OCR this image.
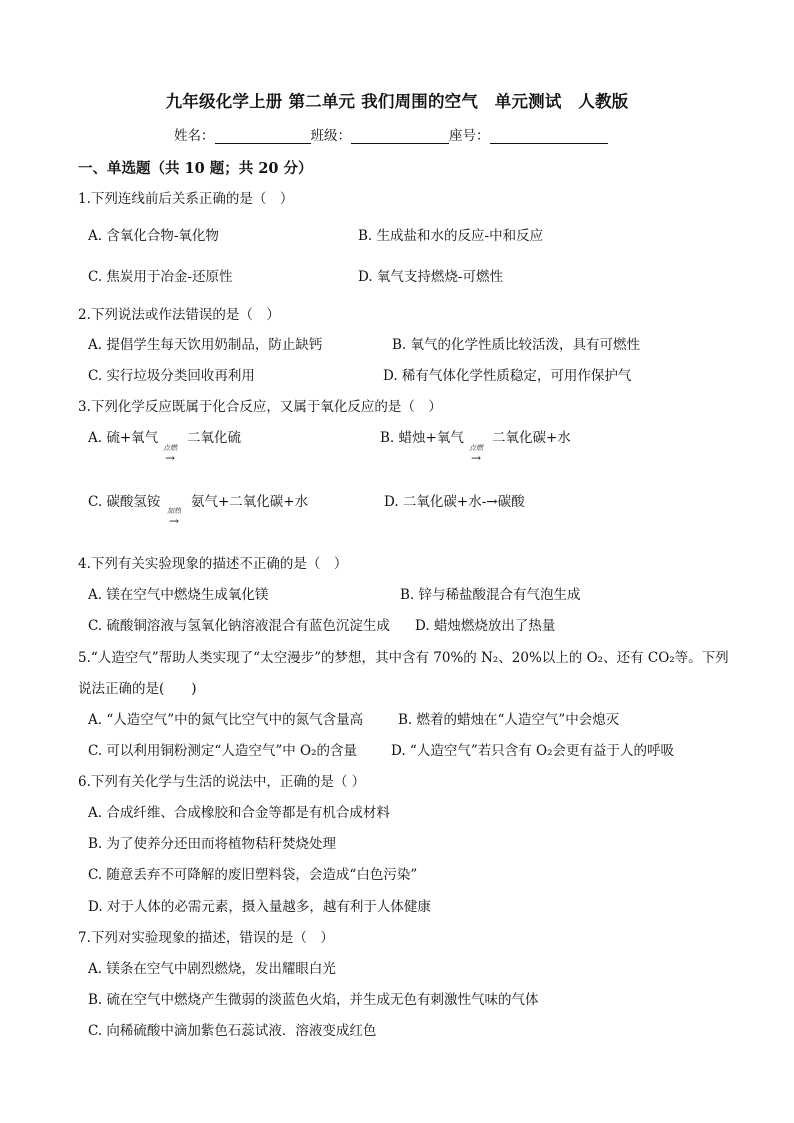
九年级化学上册 第二单元 我们周围的空气　单元测试　人教版
姓名：	班级：	座号：
一、单选题（共 10 题；共 20 分）
1.下列连线前后关系正确的是（　）
A. 含氧化合物-氧化物	B. 生成盐和水的反应-中和反应
C. 焦炭用于冶金-还原性	D. 氧气支持燃烧-可燃性
2.下列说法或作法错误的是（　）
A. 提倡学生每天饮用奶制品，防止缺钙	B. 氧气的化学性质比较活泼，具有可燃性
C. 实行垃圾分类回收再利用	D. 稀有气体化学性质稳定，可用作保护气
3.下列化学反应既属于化合反应，又属于氧化反应的是（　）
A. 硫+氧气
点燃
→
二氧化硫	B. 蜡烛+氧气
点燃
→
二氧化碳+水
C. 碳酸氢铵
加热
→
氨气+二氧化碳+水	D. 二氧化碳+水-→碳酸
4.下列有关实验现象的描述不正确的是（　）
A. 镁在空气中燃烧生成氧化镁	B. 锌与稀盐酸混合有气泡生成
C. 硫酸铜溶液与氢氧化钠溶液混合有蓝色沉淀生成 D. 蜡烛燃烧放出了热量
5.“人造空气”帮助人类实现了“太空漫步”的梦想，其中含有 70%的 N₂、20%以上的 O₂、还有 CO₂等。下列
说法正确的是(　　)
A. “人造空气”中的氮气比空气中的氮气含量高	B. 燃着的蜡烛在“人造空气”中会熄灭
C. 可以利用铜粉测定“人造空气”中 O₂的含量	D. “人造空气”若只含有 O₂会更有益于人的呼吸
6.下列有关化学与生活的说法中，正确的是（ ）
A. 合成纤维、合成橡胶和合金等都是有机合成材料
B. 为了使养分还田而将植物秸秆焚烧处理
C. 随意丢弃不可降解的废旧塑料袋，会造成“白色污染”
D. 对于人体的必需元素，摄入量越多，越有利于人体健康
7.下列对实验现象的描述，错误的是（　）
A. 镁条在空气中剧烈燃烧，发出耀眼白光
B. 硫在空气中燃烧产生微弱的淡蓝色火焰，并生成无色有刺激性气味的气体
C. 向稀硫酸中滴加紫色石蕊试液．溶液变成红色
